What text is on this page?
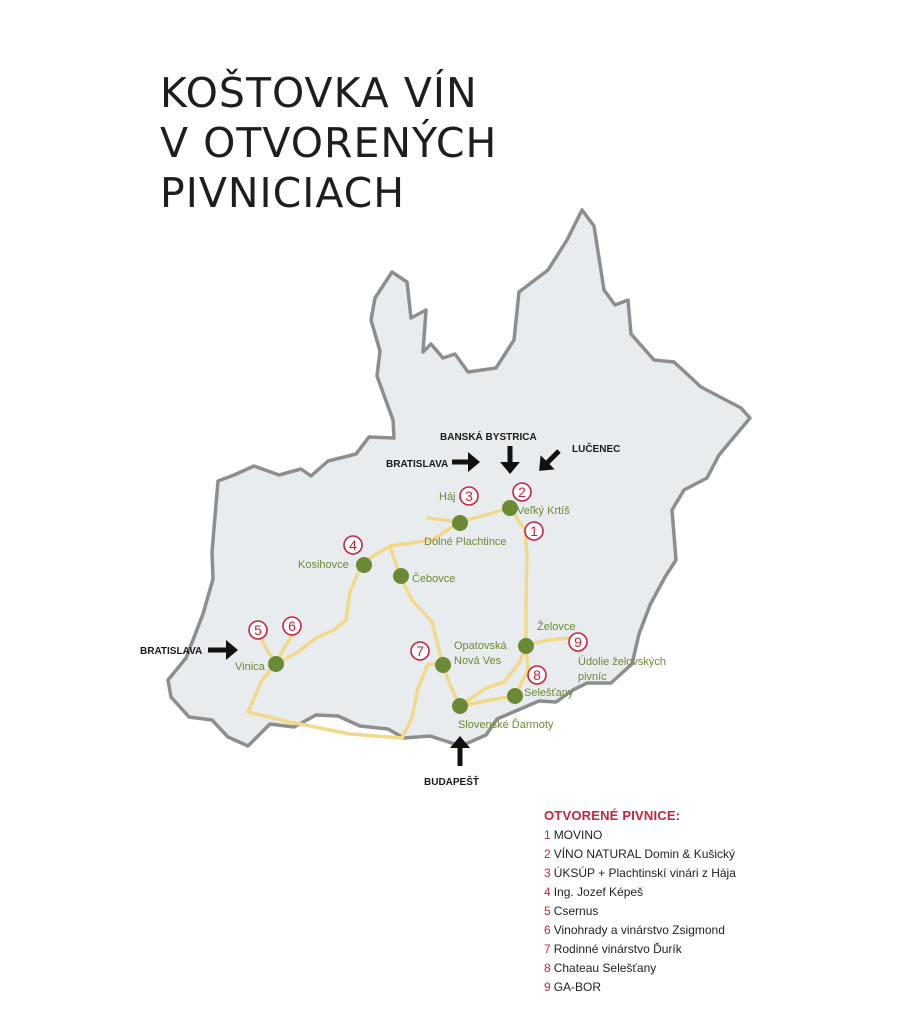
KOŠTOVKA VÍN
V OTVORENÝCH
PIVNICIACH
BRATISLAVA
BANSKÁ BYSTRICA
LUČENEC
BRATISLAVA
BUDAPEŠŤ
Háj
Veľký Krtíš
Dolné Plachtince
Kosihovce
Čebovce
Vinica
Opatovská
Nová Ves
Želovce
Údolie želovských
pivníc
Selešťany
Slovenské Ďarmoty
1
2
3
4
5 6
7
8
9
OTVORENÉ PIVNICE:
1 MOVINO
2 VÍNO NATURAL Domin & Kušický
3 ÚKSÚP + Plachtinskí vinári z Hája
4 Ing. Jozef Képeš
5 Csernus
6 Vinohrady a vinárstvo Zsigmond
7 Rodinné vinárstvo Ďurík
8 Chateau Selešťany
9 GA-BOR
